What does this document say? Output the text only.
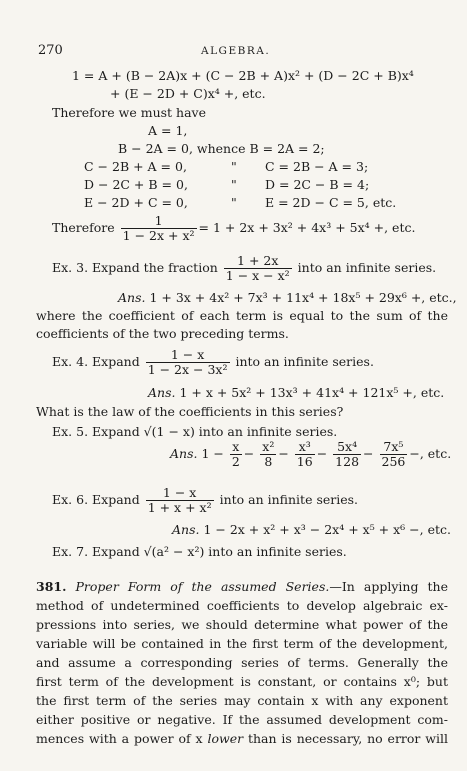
270	ALGEBRA.
1 = A + (B − 2A)x + (C − 2B + A)x² + (D − 2C + B)x⁴
+ (E − 2D + C)x⁴ +, etc.
Therefore we must have
A = 1,
B − 2A = 0, whence B = 2A = 2;
C − 2B + A = 0,	" C = 2B − A = 3;
D − 2C + B = 0,	" D = 2C − B = 4;
E − 2D + C = 0,	" E = 2D − C = 5, etc.
Therefore $\frac{1}{\text{1 − 2x + x²}} = 1 + 2x + 3x^2 + 4x^3 + 5x^4$ +, etc.
Ex. 3. Expand the fraction $\frac{1 + 2x}{\text{1 − x − x²}}$ into an infinite series.
Ans. 1 + 3x + 4x² + 7x³ + 11x⁴ + 18x⁵ + 29x⁶ +, etc.,
where the coefficient of each term is equal to the sum of the
coefficients of the two preceding terms.
Ex. 4. Expand $\frac{1 - x}{\text{1 − 2x − 3x²}}$ into an infinite series.
Ans. 1 + x + 5x² + 13x³ + 41x⁴ + 121x⁵ +, etc.
What is the law of the coefficients in this series?
Ex. 5. Expand √(1 − x) into an infinite series.
Ans. $1 - \frac{x}{2} - \frac{\text{x²}}{8} - \frac{\text{x³}}{16} - \frac{\text{5x⁴}}{128} - \frac{\text{7x⁵}}{256}$ −, etc.
Ex. 6. Expand $\frac{1 - x}{\text{1 + x + x²}}$ into an infinite series.
Ans. 1 − 2x + x² + x³ − 2x⁴ + x⁵ + x⁶ −, etc.
Ex. 7. Expand √(a² − x²) into an infinite series.
381. Proper Form of the assumed Series.—In applying the
method of undetermined coefficients to develop algebraic ex-
pressions into series, we should determine what power of the
variable will be contained in the first term of the development,
and assume a corresponding series of terms. Generally the
first term of the development is constant, or contains x⁰; but
the first term of the series may contain x with any exponent
either positive or negative. If the assumed development com-
mences with a power of x lower than is necessary, no error will
